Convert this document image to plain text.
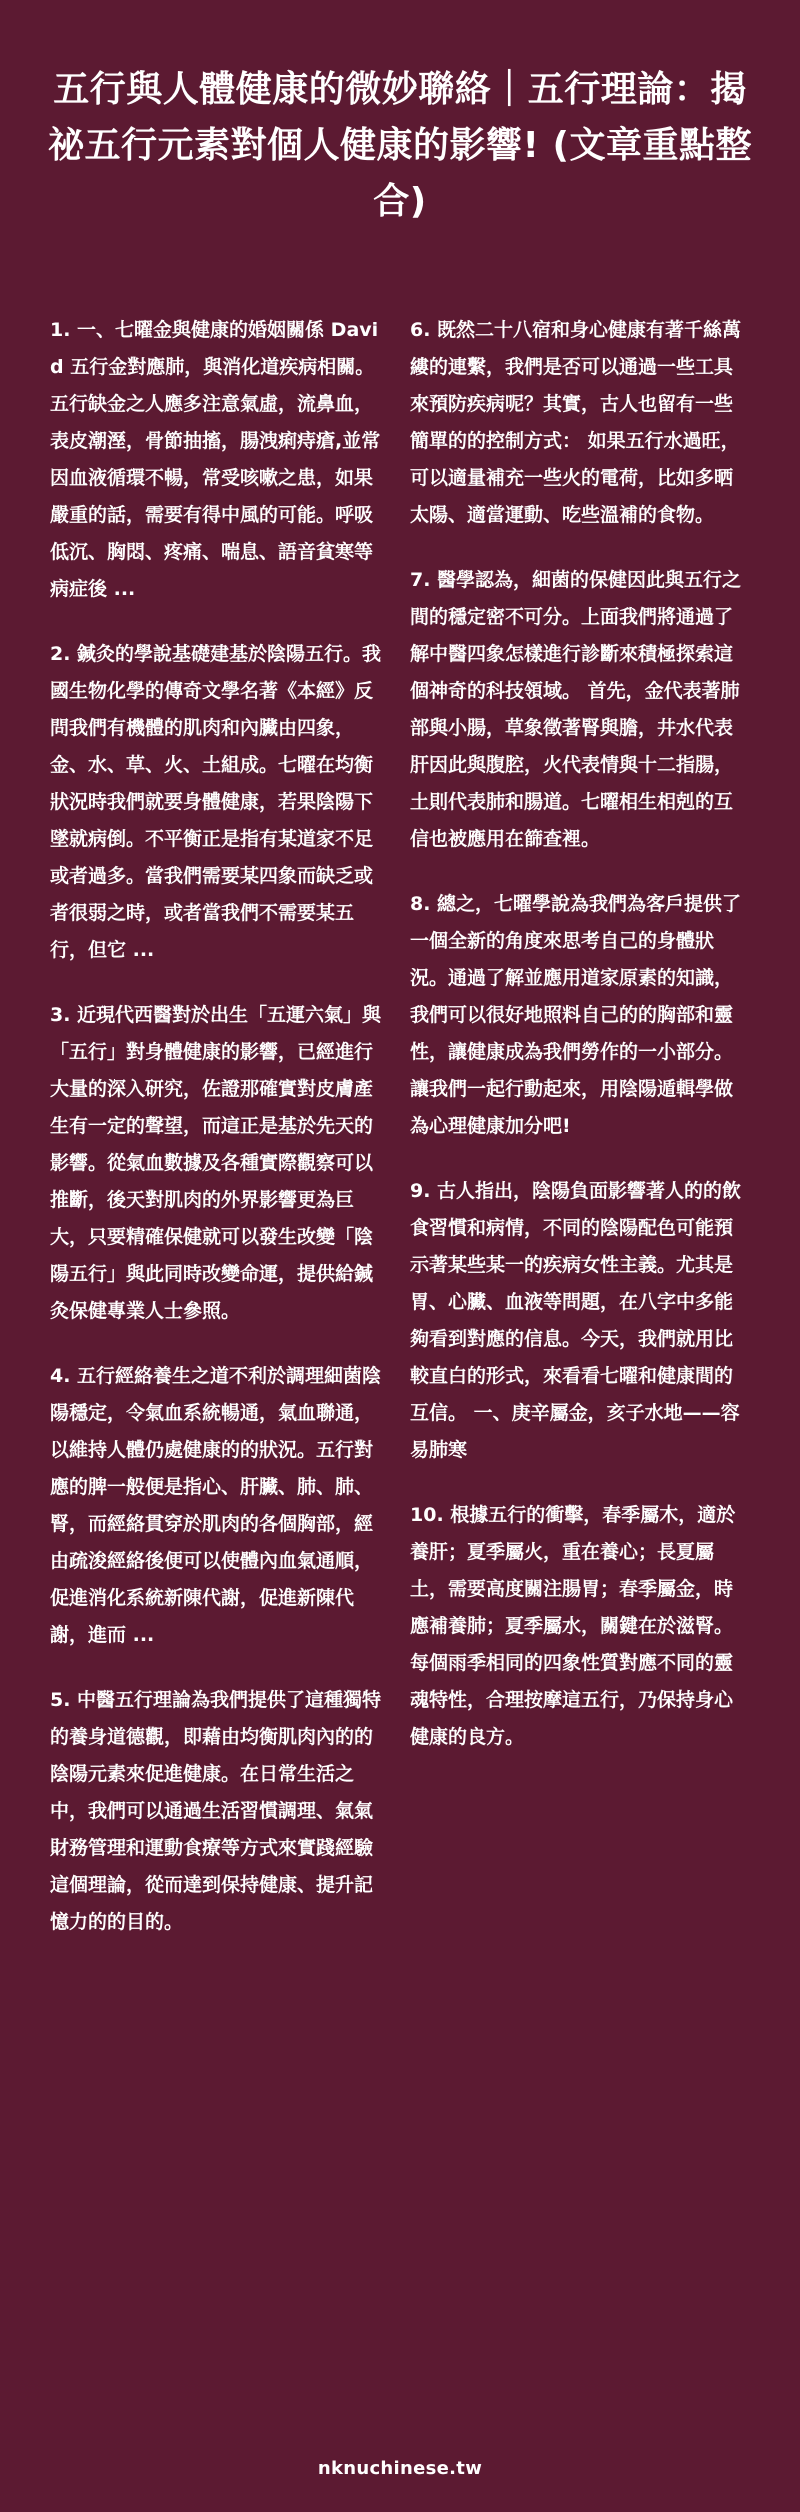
五行與人體健康的微妙聯絡｜五行理論：揭祕五行元素對個人健康的影響! (文章重點整合)

1. 一、七曜金與健康的婚姻關係 David 五行金對應肺，與消化道疾病相關。五行缺金之人應多注意氣虛，流鼻血，表皮潮溼，骨節抽搐，腸洩痢痔瘡,並常因血液循環不暢，常受咳嗽之患，如果嚴重的話，需要有得中風的可能。呼吸低沉、胸悶、疼痛、喘息、語音貧寒等病症後 ...

2. 鍼灸的學說基礎建基於陰陽五行。我國生物化學的傳奇文學名著《本經》反問我們有機體的肌肉和內臟由四象，金、水、草、火、土組成。七曜在均衡狀況時我們就要身體健康，若果陰陽下墜就病倒。不平衡正是指有某道家不足或者過多。當我們需要某四象而缺乏或者很弱之時，或者當我們不需要某五行，但它 ...

3. 近現代西醫對於出生「五運六氣」與「五行」對身體健康的影響，已經進行大量的深入研究，佐證那確實對皮膚產生有一定的聲望，而這正是基於先天的影響。從氣血數據及各種實際觀察可以推斷，後天對肌肉的外界影響更為巨大，只要精確保健就可以發生改變「陰陽五行」與此同時改變命運，提供給鍼灸保健專業人士參照。

4. 五行經絡養生之道不利於調理細菌陰陽穩定，令氣血系統暢通，氣血聯通，以維持人體仍處健康的的狀況。五行對應的脾一般便是指心、肝臟、肺、肺、腎，而經絡貫穿於肌肉的各個胸部，經由疏浚經絡後便可以使體內血氣通順，促進消化系統新陳代謝，促進新陳代謝，進而 ...

5. 中醫五行理論為我們提供了這種獨特的養身道德觀，即藉由均衡肌肉內的的陰陽元素來促進健康。在日常生活之中，我們可以通過生活習慣調理、氣氣財務管理和運動食療等方式來實踐經驗這個理論，從而達到保持健康、提升記憶力的的目的。

6. 既然二十八宿和身心健康有著千絲萬縷的連繫，我們是否可以通過一些工具來預防疾病呢？其實，古人也留有一些簡單的的控制方式： 如果五行水過旺，可以適量補充一些火的電荷，比如多晒太陽、適當運動、吃些溫補的食物。

7. 醫學認為，細菌的保健因此與五行之間的穩定密不可分。上面我們將通過了解中醫四象怎樣進行診斷來積極探索這個神奇的科技領域。 首先，金代表著肺部與小腸，草象徵著腎與膽，井水代表肝因此與腹腔，火代表情與十二指腸，土則代表肺和腸道。七曜相生相剋的互信也被應用在篩查裡。

8. 總之，七曜學說為我們為客戶提供了一個全新的角度來思考自己的身體狀況。通過了解並應用道家原素的知識，我們可以很好地照料自己的的胸部和靈性，讓健康成為我們勞作的一小部分。讓我們一起行動起來，用陰陽遁輯學做為心理健康加分吧!

9. 古人指出，陰陽負面影響著人的的飲食習慣和病情，不同的陰陽配色可能預示著某些某一的疾病女性主義。尤其是胃、心臟、血液等問題，在八字中多能夠看到對應的信息。今天，我們就用比較直白的形式，來看看七曜和健康間的互信。 一、庚辛屬金，亥子水地——容易肺寒

10. 根據五行的衝擊，春季屬木，適於養肝；夏季屬火，重在養心；長夏屬土，需要高度關注腸胃；春季屬金，時應補養肺；夏季屬水，關鍵在於滋腎。每個雨季相同的四象性質對應不同的靈魂特性，合理按摩這五行，乃保持身心健康的良方。

nknuchinese.tw
